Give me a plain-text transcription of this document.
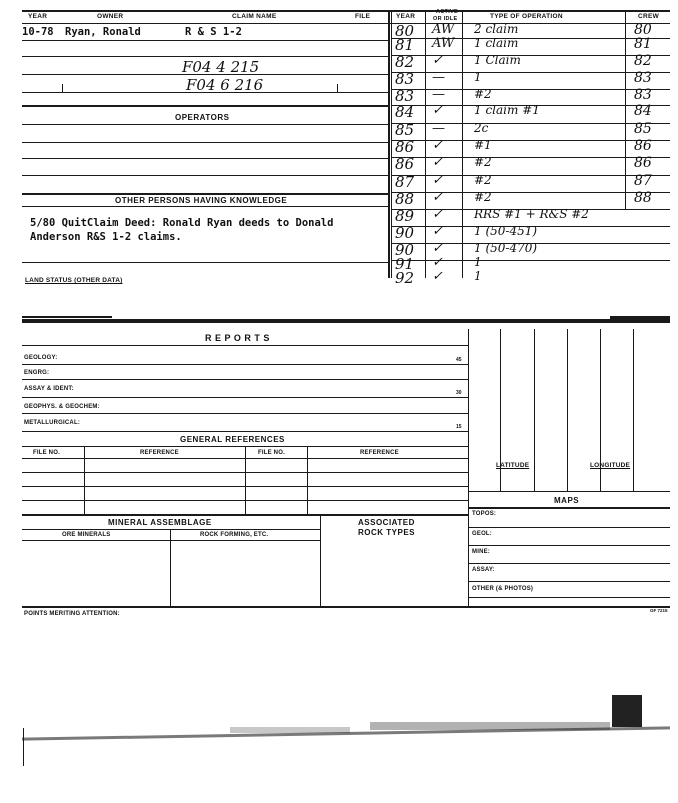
YEAR	OWNER	CLAIM NAME	FILE	YEAR
ACTIVE
OR IDLE	TYPE OF OPERATION	CREW
10-78 Ryan, Ronald	R & S 1-2
F04 4 215
F04 6 216
OPERATORS
OTHER PERSONS HAVING KNOWLEDGE
5/80 QuitClaim Deed: Ronald Ryan deeds to Donald
Anderson R&S 1-2 claims.
LAND STATUS (OTHER DATA)
80 AW 2 claim	80
81 AW 1 claim	81
82 ✓	1 Claim	82
83 — 1	83
83 — #2	83
84 ✓	1 claim #1	84
85 — 2c	85
86 ✓	#1	86
86 ✓	#2	86
87 ✓	#2	87
88 ✓	#2	88
89 ✓	RRS #1 + R&S #2
90 ✓	1 (50-451)
90 ✓	1 (50-470)
91 ✓	1
92 ✓	1
R E P O R T S
GEOLOGY:	45
ENGRG:
ASSAY & IDENT:
30
GEOPHYS. & GEOCHEM:
METALLURGICAL:
15
GENERAL REFERENCES
FILE NO.	REFERENCE	FILE NO.	REFERENCE
LATITUDE	LONGITUDE
MAPS
TOPOS:
GEOL:
MINE:
ASSAY:
OTHER (& PHOTOS)
MINERAL ASSEMBLAGE	ASSOCIATED
ROCK TYPES
ORE MINERALS	ROCK FORMING, ETC.
POINTS MERITING ATTENTION:
GF 7215
